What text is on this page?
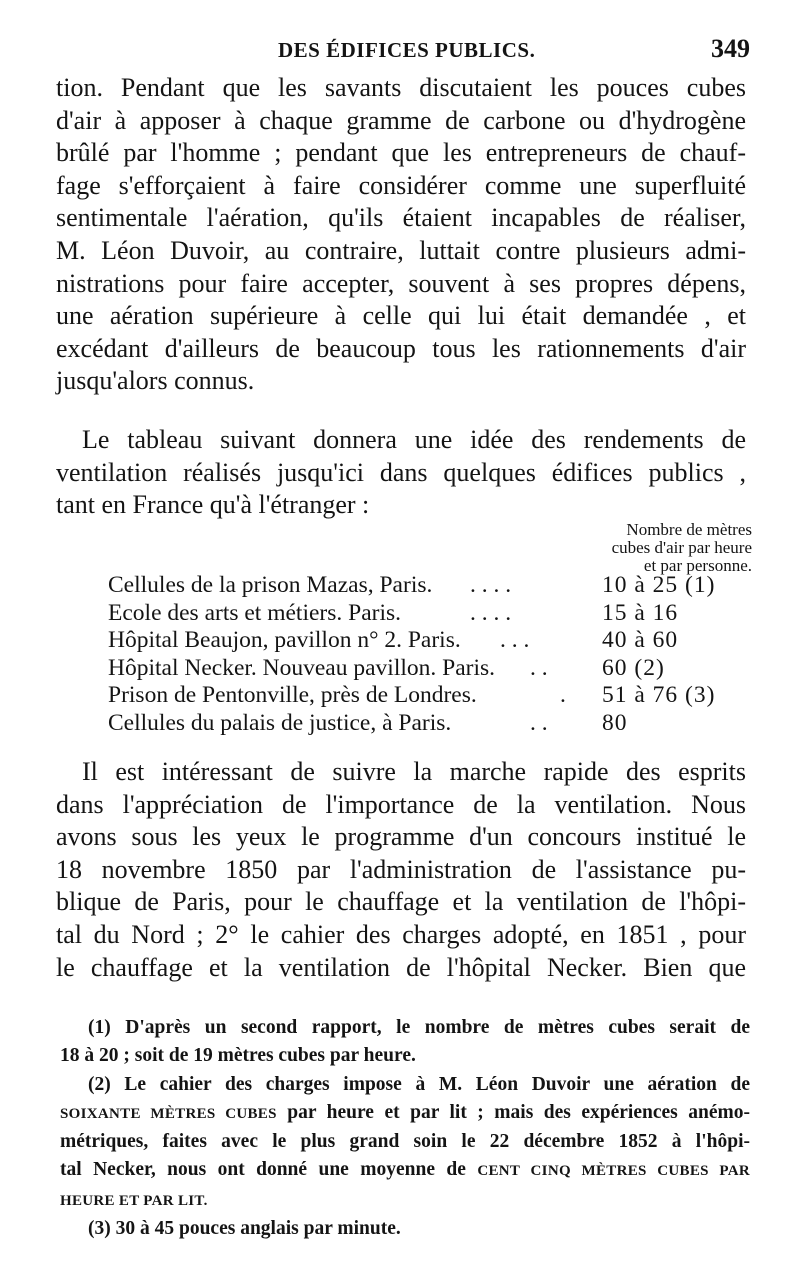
DES ÉDIFICES PUBLICS.	349
tion. Pendant que les savants discutaient les pouces cubes
d'air à apposer à chaque gramme de carbone ou d'hydrogène
brûlé par l'homme ; pendant que les entrepreneurs de chauf-
fage s'efforçaient à faire considérer comme une superfluité
sentimentale l'aération, qu'ils étaient incapables de réaliser,
M. Léon Duvoir, au contraire, luttait contre plusieurs admi-
nistrations pour faire accepter, souvent à ses propres dépens,
une aération supérieure à celle qui lui était demandée , et
excédant d'ailleurs de beaucoup tous les rationnements d'air
jusqu'alors connus.
Le tableau suivant donnera une idée des rendements de
ventilation réalisés jusqu'ici dans quelques édifices publics ,
tant en France qu'à l'étranger :
Nombre de mètres
cubes d'air par heure
et par personne.
Cellules de la prison Mazas, Paris. . . . .	10 à 25 (1)
Ecole des arts et métiers. Paris.	. . . .	15 à 16
Hôpital Beaujon, pavillon n° 2. Paris. . . .	40 à 60
Hôpital Necker. Nouveau pavillon. Paris. . .	60 (2)
Prison de Pentonville, près de Londres.	.	51 à 76 (3)
Cellules du palais de justice, à Paris.	. .	80
Il est intéressant de suivre la marche rapide des esprits
dans l'appréciation de l'importance de la ventilation. Nous
avons sous les yeux le programme d'un concours institué le
18 novembre 1850 par l'administration de l'assistance pu-
blique de Paris, pour le chauffage et la ventilation de l'hôpi-
tal du Nord ; 2° le cahier des charges adopté, en 1851 , pour
le chauffage et la ventilation de l'hôpital Necker. Bien que
(1) D'après un second rapport, le nombre de mètres cubes serait de
18 à 20 ; soit de 19 mètres cubes par heure.
(2) Le cahier des charges impose à M. Léon Duvoir une aération de
SOIXANTE MÈTRES CUBES par heure et par lit ; mais des expériences anémo-
métriques, faites avec le plus grand soin le 22 décembre 1852 à l'hôpi-
tal Necker, nous ont donné une moyenne de CENT CINQ MÈTRES CUBES PAR
HEURE ET PAR LIT.
(3) 30 à 45 pouces anglais par minute.
